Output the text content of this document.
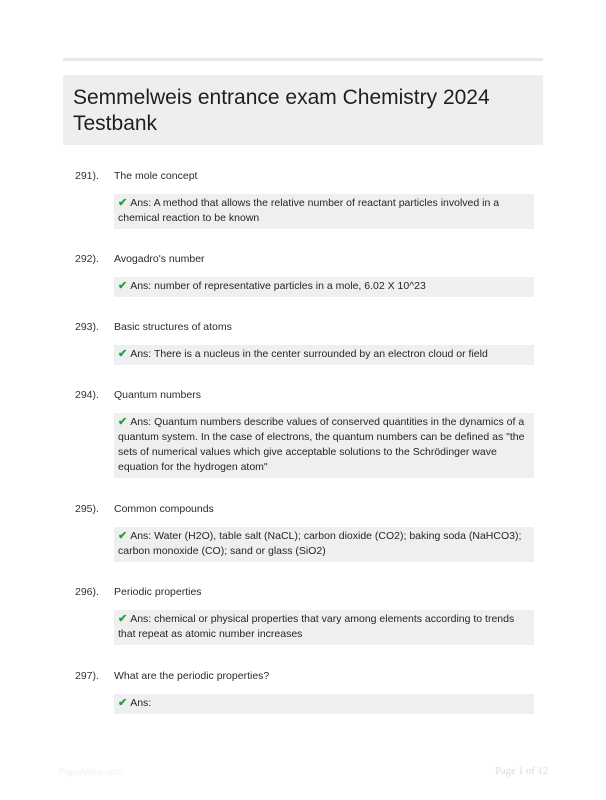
Semmelweis entrance exam Chemistry 2024 Testbank
291). The mole concept
✔ Ans: A method that allows the relative number of reactant particles involved in a chemical reaction to be known
292). Avogadro's number
✔ Ans: number of representative particles in a mole, 6.02 X 10^23
293). Basic structures of atoms
✔ Ans: There is a nucleus in the center surrounded by an electron cloud or field
294). Quantum numbers
✔ Ans: Quantum numbers describe values of conserved quantities in the dynamics of a quantum system. In the case of electrons, the quantum numbers can be defined as "the sets of numerical values which give acceptable solutions to the Schrödinger wave equation for the hydrogen atom"
295). Common compounds
✔ Ans: Water (H2O), table salt (NaCL); carbon dioxide (CO2); baking soda (NaHCO3); carbon monoxide (CO); sand or glass (SiO2)
296). Periodic properties
✔ Ans: chemical or physical properties that vary among elements according to trends that repeat as atomic number increases
297). What are the periodic properties?
✔ Ans:
PaperWibe.com	Page 1 of 12
